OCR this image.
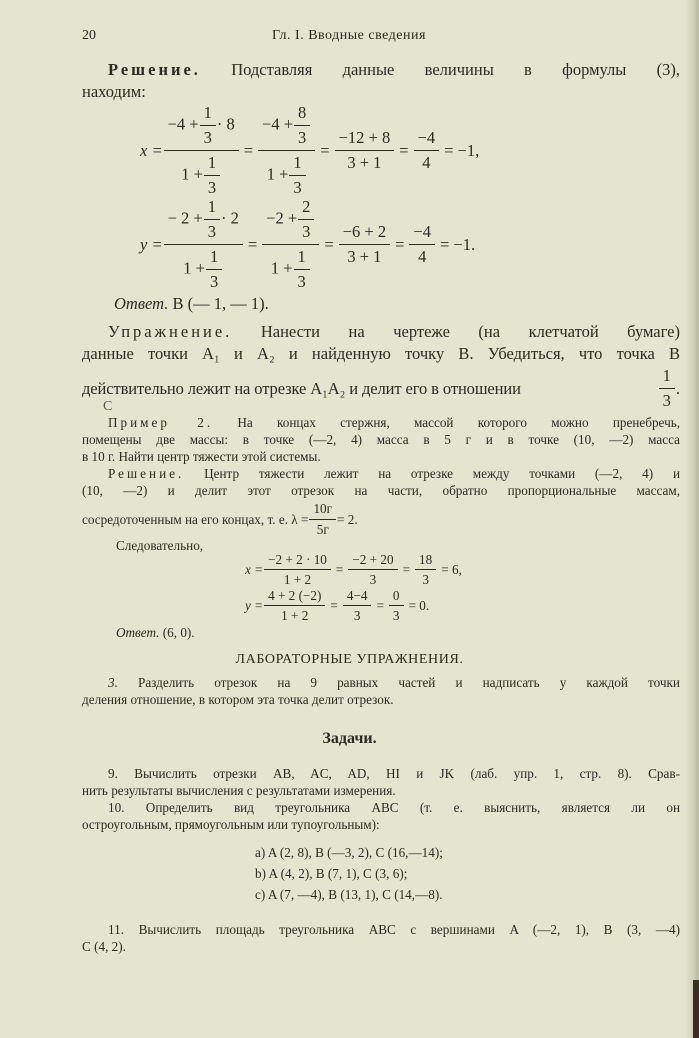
20	Гл. I. Вводные сведения
Решение. Подставляя данные величины в формулы (3),
находим:
$x = \frac{-4 + \frac{1}{3} \cdot 8}{1 + \frac{1}{3}} = \frac{-4 + \frac{8}{3}}{1 + \frac{1}{3}} = \frac{-12 + 8}{3 + 1} = \frac{-4}{4} = -1$,
$y = \frac{- 2 + \frac{1}{3} \cdot 2}{1 + \frac{1}{3}} = \frac{-2 + \frac{2}{3}}{1 + \frac{1}{3}} = \frac{-6 + 2}{3 + 1} = \frac{-4}{4} = -1$.
Ответ. B (— 1, — 1).
Упражнение. Нанести на чертеже (на клетчатой бумаге)
данные точки A₁ и A₂ и найденную точку B. Убедиться, что точка B
действительно лежит на отрезке A₁A₂ и делит его в отношении	$\frac{1}{3}$ .
С
Пример 2. На концах стержня, массой которого можно пренебречь,
помещены две массы: в точке (—2, 4) масса в 5 г и в точке (10, —2) масса
в 10 г. Найти центр тяжести этой системы.
Решение. Центр тяжести лежит на отрезке между точками (—2, 4) и
(10, —2) и делит этот отрезок на части, обратно пропорциональные массам,
сосредоточенным на его концах, т. е. $\lambda = \frac{10г}{5г} = 2$.
Следовательно,
$x = \frac{-2 + 2 \cdot 10}{1 + 2} = \frac{-2 + 20}{3} = \frac{18}{3} = 6$,
$y = \frac{4 + 2 (-2)}{1 + 2} = \frac{4-4}{3} = \frac{0}{3} = 0$.
Ответ. (6, 0).
ЛАБОРАТОРНЫЕ УПРАЖНЕНИЯ.
3. Разделить отрезок на 9 равных частей и надписать у каждой точки
деления отношение, в котором эта точка делит отрезок.
Задачи.
9. Вычислить отрезки AB, AC, AD, HI и JK (лаб. упр. 1, стр. 8). Срав-
нить результаты вычисления с результатами измерения.
10. Определить вид треугольника ABC (т. е. выяснить, является ли он
остроугольным, прямоугольным или тупоугольным):
a) A (2, 8), B (—3, 2), C (16,—14);
b) A (4, 2), B (7, 1), C (3, 6);
c) A (7, —4), B (13, 1), C (14,—8).
11. Вычислить площадь треугольника ABC с вершинами A (—2, 1), B (3, —4)
C (4, 2).
